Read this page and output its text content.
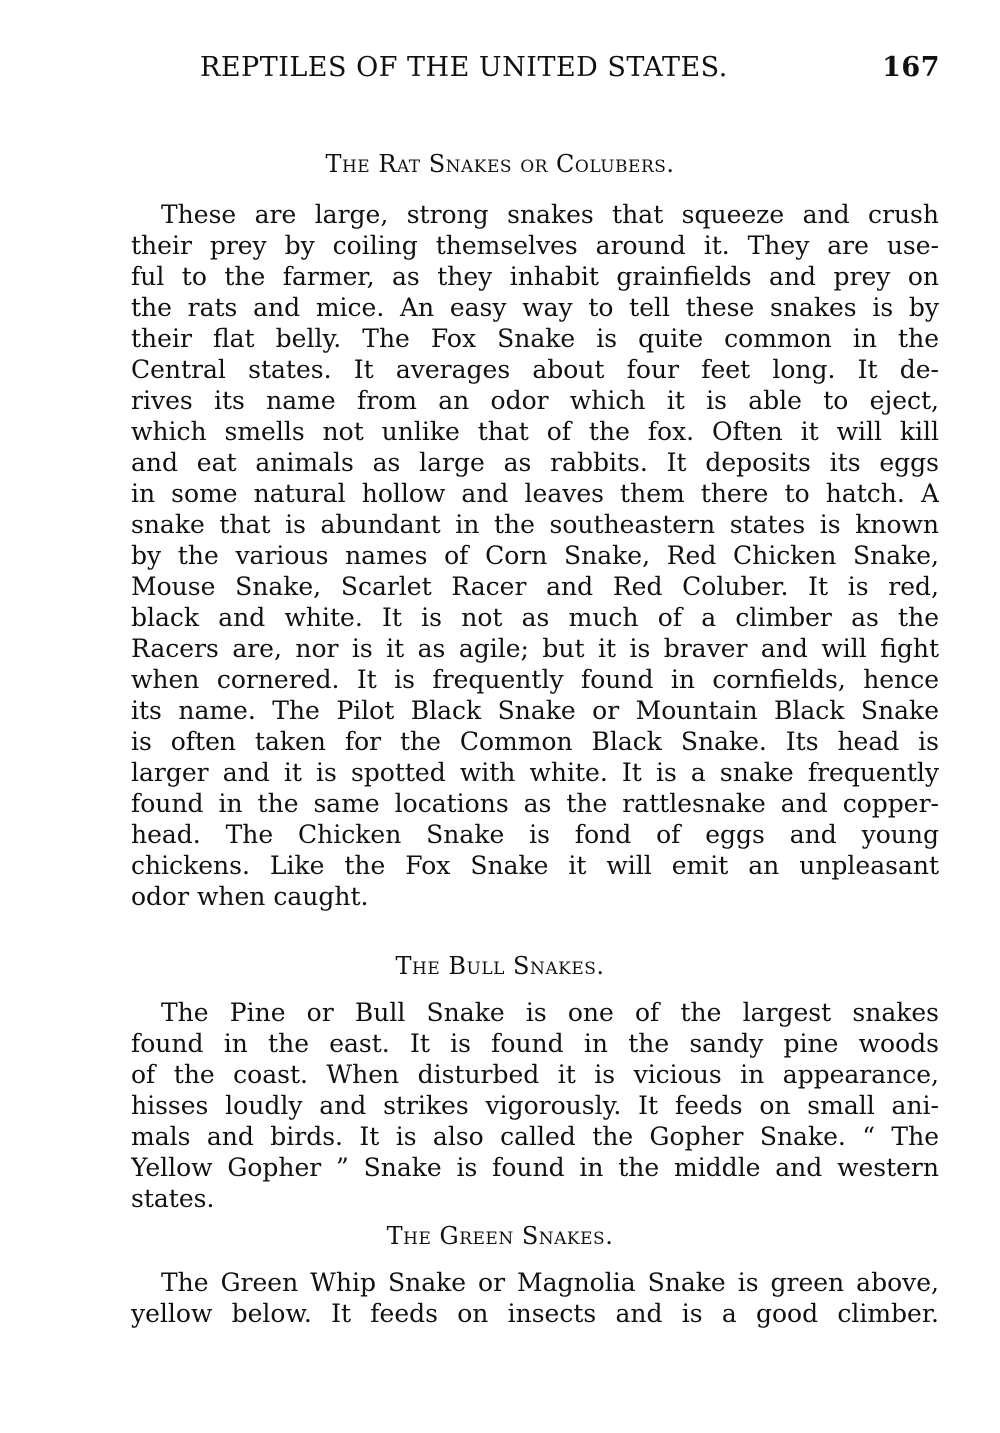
REPTILES OF THE UNITED STATES.	167
The Rat Snakes or Colubers.
These are large, strong snakes that squeeze and crush
their prey by coiling themselves around it. They are use-
ful to the farmer, as they inhabit grainfields and prey on
the rats and mice. An easy way to tell these snakes is by
their flat belly. The Fox Snake is quite common in the
Central states. It averages about four feet long. It de-
rives its name from an odor which it is able to eject,
which smells not unlike that of the fox. Often it will kill
and eat animals as large as rabbits. It deposits its eggs
in some natural hollow and leaves them there to hatch. A
snake that is abundant in the southeastern states is known
by the various names of Corn Snake, Red Chicken Snake,
Mouse Snake, Scarlet Racer and Red Coluber. It is red,
black and white. It is not as much of a climber as the
Racers are, nor is it as agile; but it is braver and will fight
when cornered. It is frequently found in cornfields, hence
its name. The Pilot Black Snake or Mountain Black Snake
is often taken for the Common Black Snake. Its head is
larger and it is spotted with white. It is a snake frequently
found in the same locations as the rattlesnake and copper-
head. The Chicken Snake is fond of eggs and young
chickens. Like the Fox Snake it will emit an unpleasant
odor when caught.
The Bull Snakes.
The Pine or Bull Snake is one of the largest snakes
found in the east. It is found in the sandy pine woods
of the coast. When disturbed it is vicious in appearance,
hisses loudly and strikes vigorously. It feeds on small ani-
mals and birds. It is also called the Gopher Snake. “ The
Yellow Gopher ” Snake is found in the middle and western
states.
The Green Snakes.
The Green Whip Snake or Magnolia Snake is green above,
yellow below. It feeds on insects and is a good climber.
